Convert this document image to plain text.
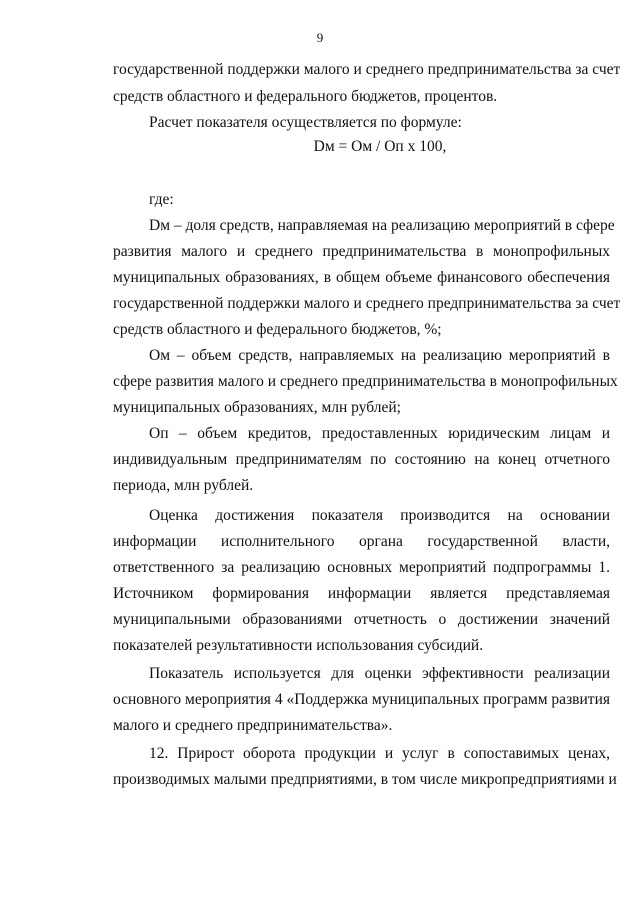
9
государственной поддержки малого и среднего предпринимательства за счет
средств областного и федерального бюджетов, процентов.
Расчет показателя осуществляется по формуле:
Dм = Ом / Оп х 100,
где:
Dм – доля средств, направляемая на реализацию мероприятий в сфере
развития малого и среднего предпринимательства в монопрофильных
муниципальных образованиях, в общем объеме финансового обеспечения
государственной поддержки малого и среднего предпринимательства за счет
средств областного и федерального бюджетов, %;
Ом – объем средств, направляемых на реализацию мероприятий в
сфере развития малого и среднего предпринимательства в монопрофильных
муниципальных образованиях, млн рублей;
Оп – объем кредитов, предоставленных юридическим лицам и
индивидуальным предпринимателям по состоянию на конец отчетного
периода, млн рублей.
Оценка достижения показателя производится на основании
информации исполнительного органа государственной власти,
ответственного за реализацию основных мероприятий подпрограммы 1.
Источником формирования информации является представляемая
муниципальными образованиями отчетность о достижении значений
показателей результативности использования субсидий.
Показатель используется для оценки эффективности реализации
основного мероприятия 4 «Поддержка муниципальных программ развития
малого и среднего предпринимательства».
12. Прирост оборота продукции и услуг в сопоставимых ценах,
производимых малыми предприятиями, в том числе микропредприятиями и
